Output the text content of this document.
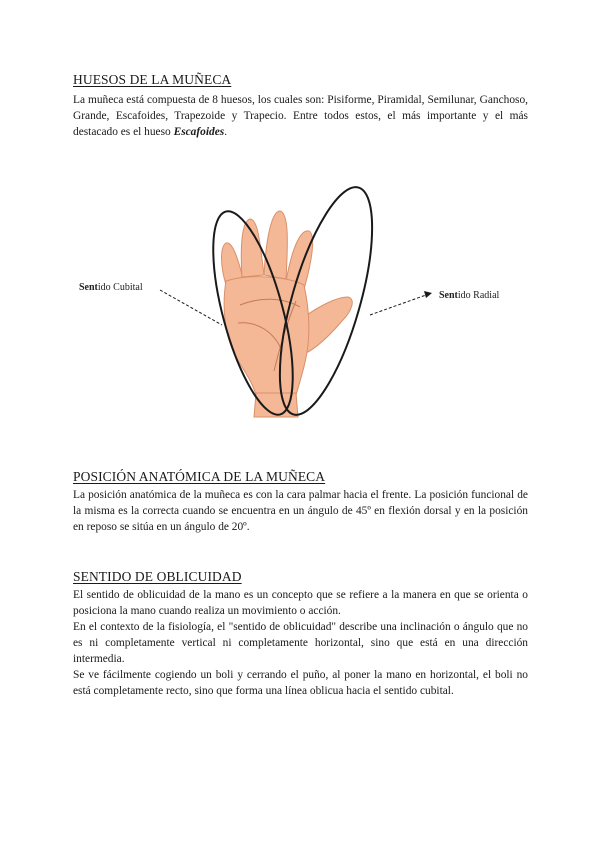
HUESOS DE LA MUÑECA

La muñeca está compuesta de 8 huesos, los cuales son: Pisiforme, Piramidal, Semilunar, Ganchoso, Grande, Escafoides, Trapezoide y Trapecio. Entre todos estos, el más importante y el más destacado es el hueso Escafoides.

Sentido Cubital
Sentido Radial
POSICIÓN ANATÓMICA DE LA MUÑECA

La posición anatómica de la muñeca es con la cara palmar hacia el frente. La posición funcional de la misma es la correcta cuando se encuentra en un ángulo de 45º en flexión dorsal y en la posición en reposo se sitúa en un ángulo de 20º.

SENTIDO DE OBLICUIDAD

El sentido de oblicuidad de la mano es un concepto que se refiere a la manera en que se orienta o posiciona la mano cuando realiza un movimiento o acción.

En el contexto de la fisiología, el "sentido de oblicuidad" describe una inclinación o ángulo que no es ni completamente vertical ni completamente horizontal, sino que está en una dirección intermedia.

Se ve fácilmente cogiendo un boli y cerrando el puño, al poner la mano en horizontal, el boli no está completamente recto, sino que forma una línea oblicua hacia el sentido cubital.
